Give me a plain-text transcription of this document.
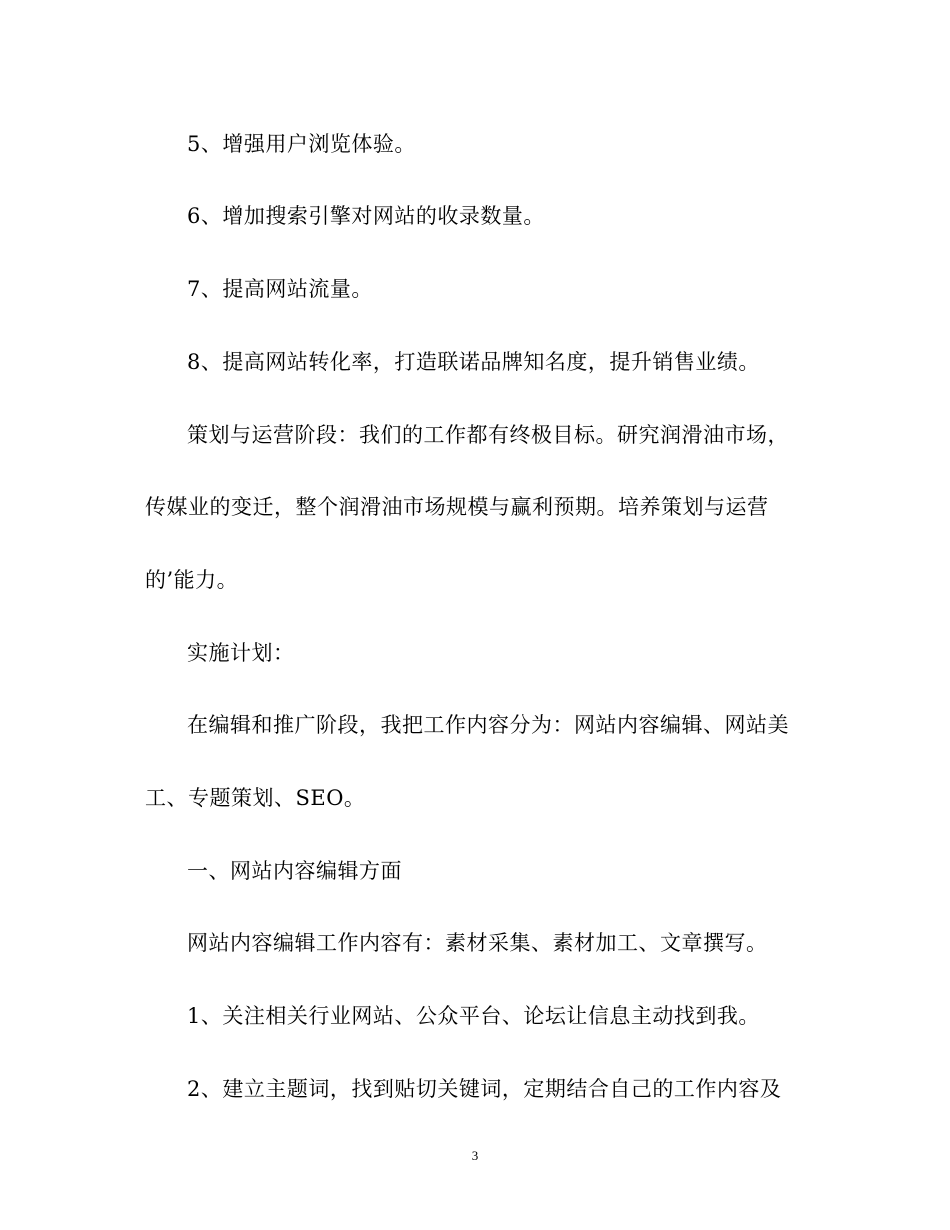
5、增强用户浏览体验。
6、增加搜索引擎对网站的收录数量。
7、提高网站流量。
8、提高网站转化率，打造联诺品牌知名度，提升销售业绩。
策划与运营阶段：我们的工作都有终极目标。研究润滑油市场，
传媒业的变迁，整个润滑油市场规模与赢利预期。培养策划与运营
的’能力。
实施计划：
在编辑和推广阶段，我把工作内容分为：网站内容编辑、网站美
工、专题策划、SEO。
一、网站内容编辑方面
网站内容编辑工作内容有：素材采集、素材加工、文章撰写。
1、关注相关行业网站、公众平台、论坛让信息主动找到我。
2、建立主题词，找到贴切关键词，定期结合自己的工作内容及
3
